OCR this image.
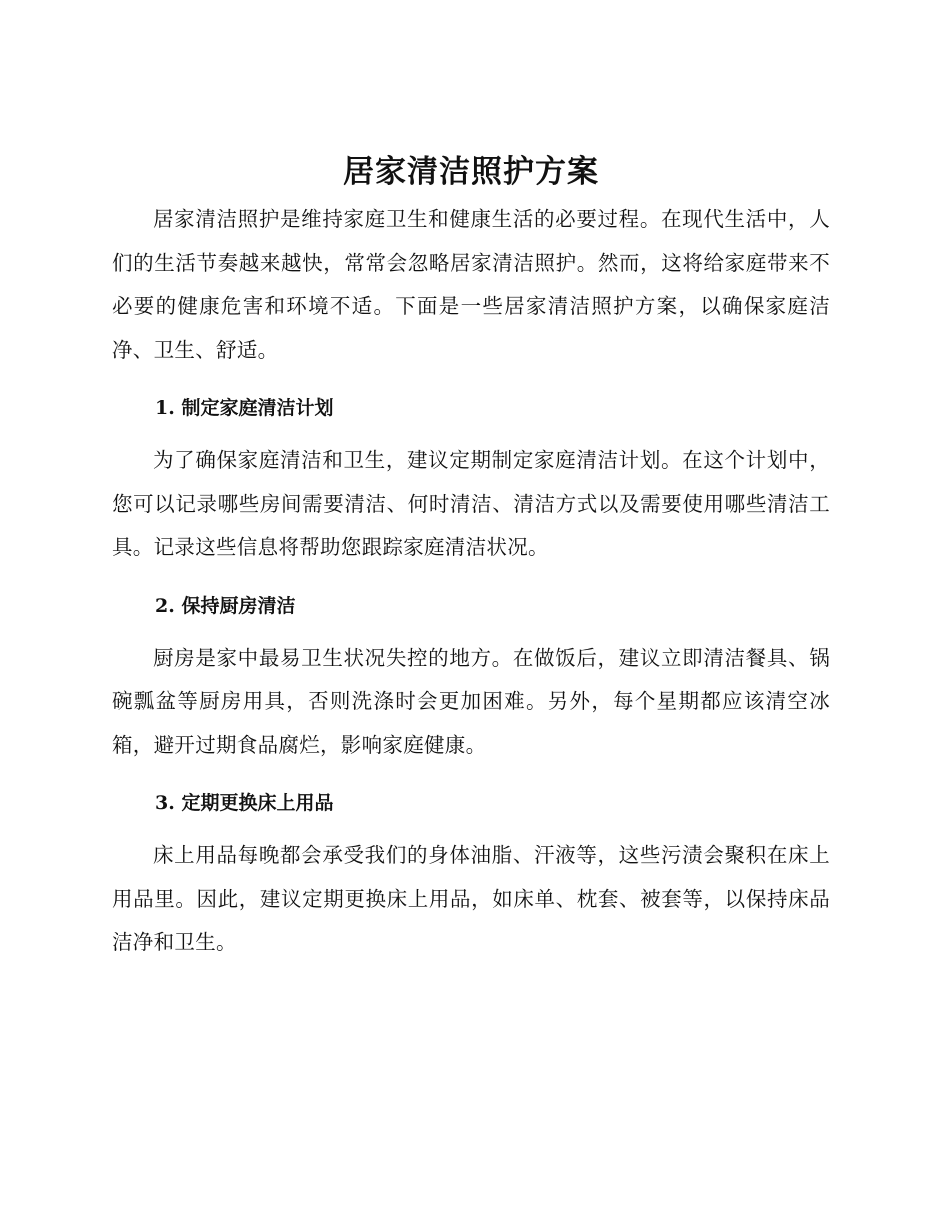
居家清洁照护方案

居家清洁照护是维持家庭卫生和健康生活的必要过程。在现代生活中，人们的生活节奏越来越快，常常会忽略居家清洁照护。然而，这将给家庭带来不必要的健康危害和环境不适。下面是一些居家清洁照护方案，以确保家庭洁净、卫生、舒适。

1. 制定家庭清洁计划

为了确保家庭清洁和卫生，建议定期制定家庭清洁计划。在这个计划中，您可以记录哪些房间需要清洁、何时清洁、清洁方式以及需要使用哪些清洁工具。记录这些信息将帮助您跟踪家庭清洁状况。

2. 保持厨房清洁

厨房是家中最易卫生状况失控的地方。在做饭后，建议立即清洁餐具、锅碗瓢盆等厨房用具，否则洗涤时会更加困难。另外，每个星期都应该清空冰箱，避开过期食品腐烂，影响家庭健康。

3. 定期更换床上用品

床上用品每晚都会承受我们的身体油脂、汗液等，这些污渍会聚积在床上用品里。因此，建议定期更换床上用品，如床单、枕套、被套等，以保持床品洁净和卫生。
